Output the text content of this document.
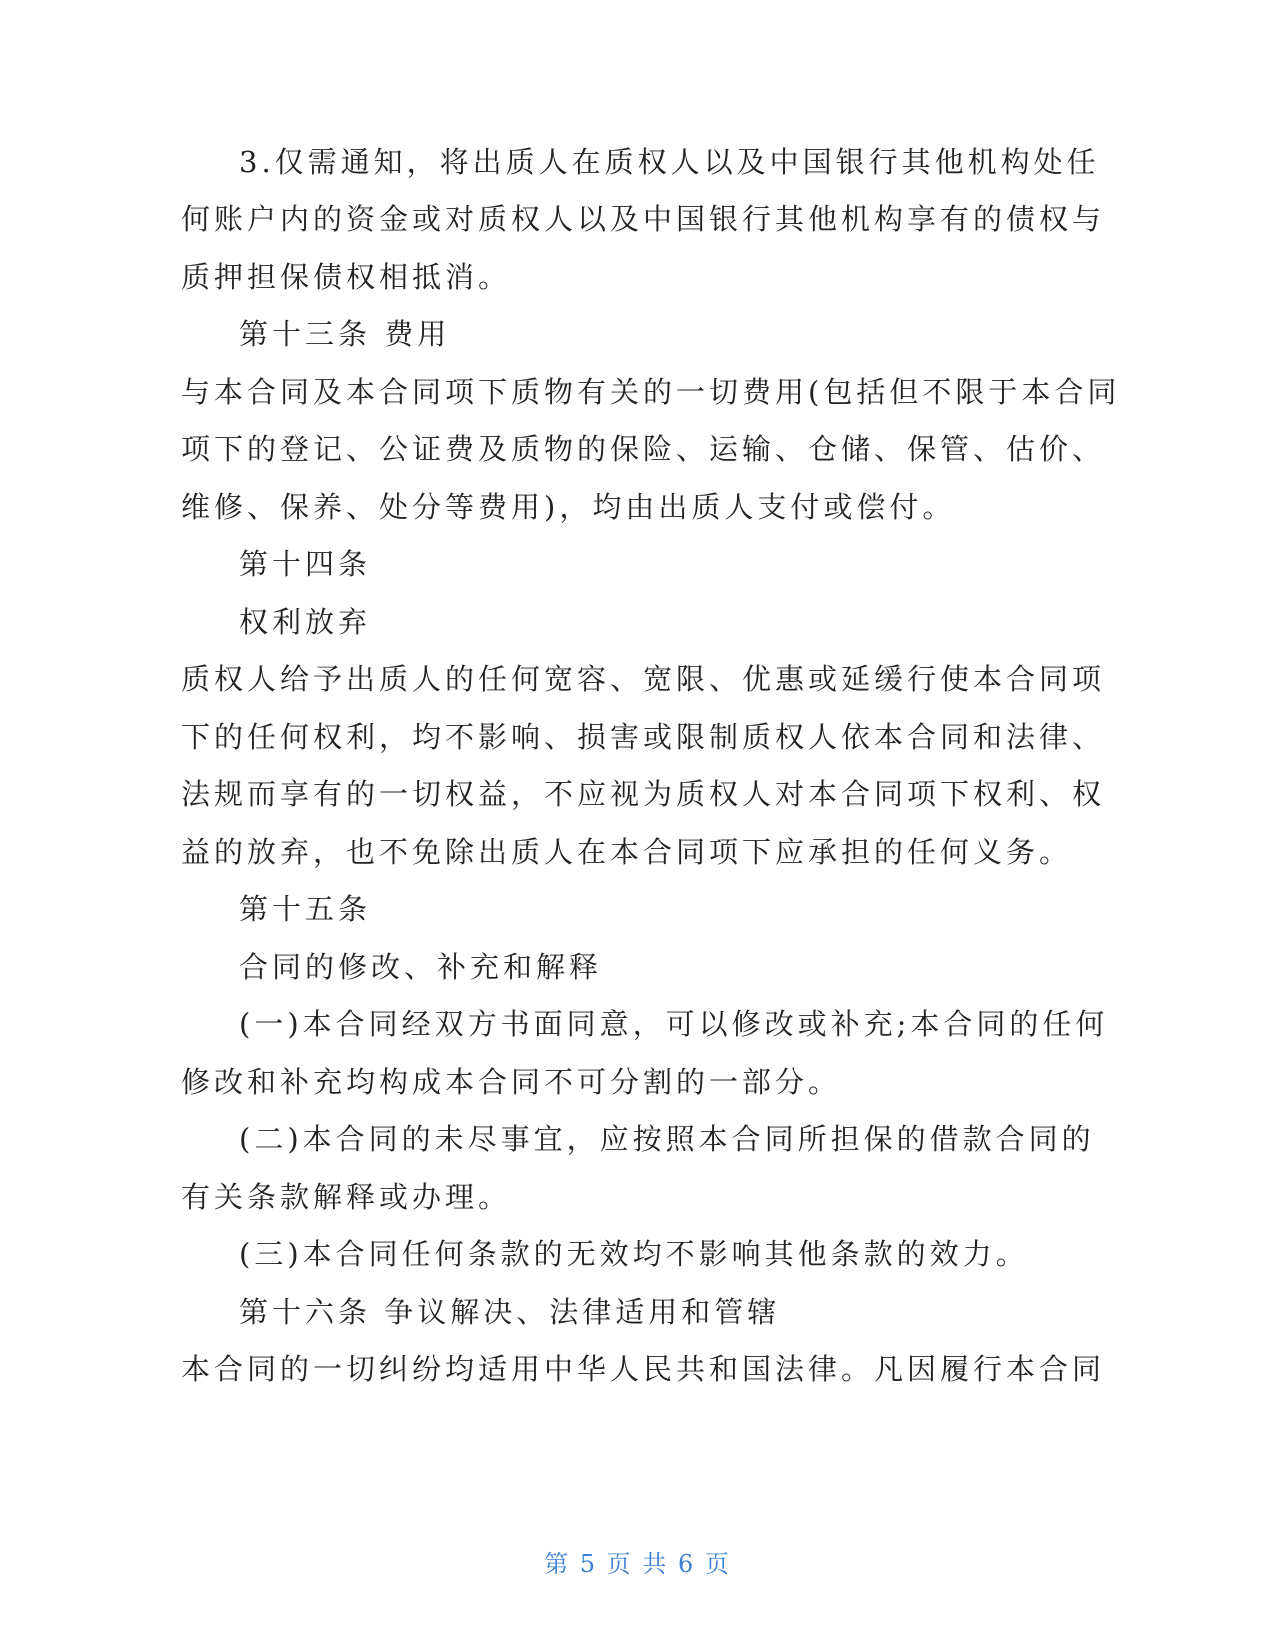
3.仅需通知，将出质人在质权人以及中国银行其他机构处任
何账户内的资金或对质权人以及中国银行其他机构享有的债权与
质押担保债权相抵消。
第十三条 费用
与本合同及本合同项下质物有关的一切费用(包括但不限于本合同
项下的登记、公证费及质物的保险、运输、仓储、保管、估价、
维修、保养、处分等费用)，均由出质人支付或偿付。
第十四条
权利放弃
质权人给予出质人的任何宽容、宽限、优惠或延缓行使本合同项
下的任何权利，均不影响、损害或限制质权人依本合同和法律、
法规而享有的一切权益，不应视为质权人对本合同项下权利、权
益的放弃，也不免除出质人在本合同项下应承担的任何义务。
第十五条
合同的修改、补充和解释
(一)本合同经双方书面同意，可以修改或补充;本合同的任何
修改和补充均构成本合同不可分割的一部分。
(二)本合同的未尽事宜，应按照本合同所担保的借款合同的
有关条款解释或办理。
(三)本合同任何条款的无效均不影响其他条款的效力。
第十六条 争议解决、法律适用和管辖
本合同的一切纠纷均适用中华人民共和国法律。凡因履行本合同
第 5 页 共 6 页
